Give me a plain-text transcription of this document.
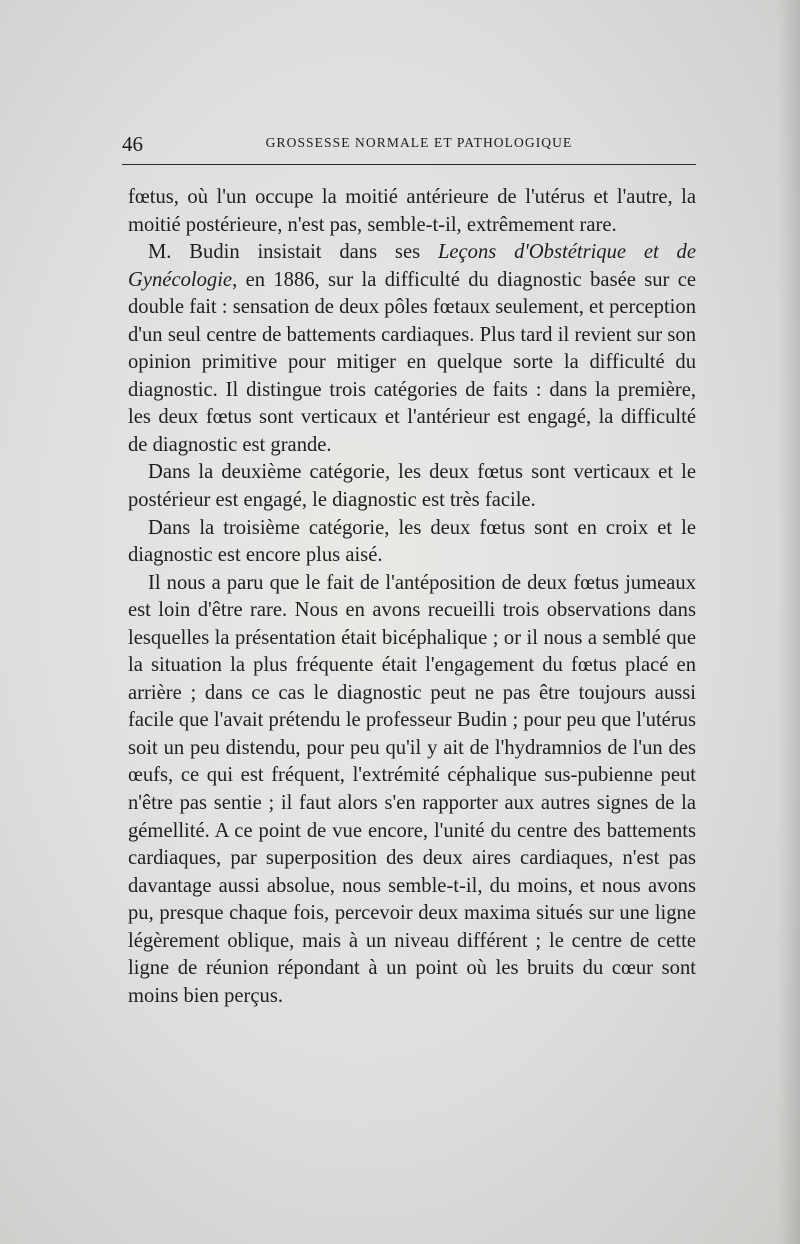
46	GROSSESSE NORMALE ET PATHOLOGIQUE

fœtus, où l'un occupe la moitié antérieure de l'utérus et l'autre, la moitié postérieure, n'est pas, semble-t-il, extrêmement rare.

M. Budin insistait dans ses Leçons d'Obstétrique et de Gynécologie, en 1886, sur la difficulté du diagnostic basée sur ce double fait : sensation de deux pôles fœtaux seulement, et perception d'un seul centre de battements cardiaques. Plus tard il revient sur son opinion primitive pour mitiger en quelque sorte la difficulté du diagnostic. Il distingue trois catégories de faits : dans la première, les deux fœtus sont verticaux et l'antérieur est engagé, la difficulté de diagnostic est grande.

Dans la deuxième catégorie, les deux fœtus sont verticaux et le postérieur est engagé, le diagnostic est très facile.

Dans la troisième catégorie, les deux fœtus sont en croix et le diagnostic est encore plus aisé.

Il nous a paru que le fait de l'antéposition de deux fœtus jumeaux est loin d'être rare. Nous en avons recueilli trois observations dans lesquelles la présentation était bicéphalique ; or il nous a semblé que la situation la plus fréquente était l'engagement du fœtus placé en arrière ; dans ce cas le diagnostic peut ne pas être toujours aussi facile que l'avait prétendu le professeur Budin ; pour peu que l'utérus soit un peu distendu, pour peu qu'il y ait de l'hydramnios de l'un des œufs, ce qui est fréquent, l'extrémité céphalique sus-pubienne peut n'être pas sentie ; il faut alors s'en rapporter aux autres signes de la gémellité. A ce point de vue encore, l'unité du centre des battements cardiaques, par superposition des deux aires cardiaques, n'est pas davantage aussi absolue, nous semble-t-il, du moins, et nous avons pu, presque chaque fois, percevoir deux maxima situés sur une ligne légèrement oblique, mais à un niveau différent ; le centre de cette ligne de réunion répondant à un point où les bruits du cœur sont moins bien perçus.
